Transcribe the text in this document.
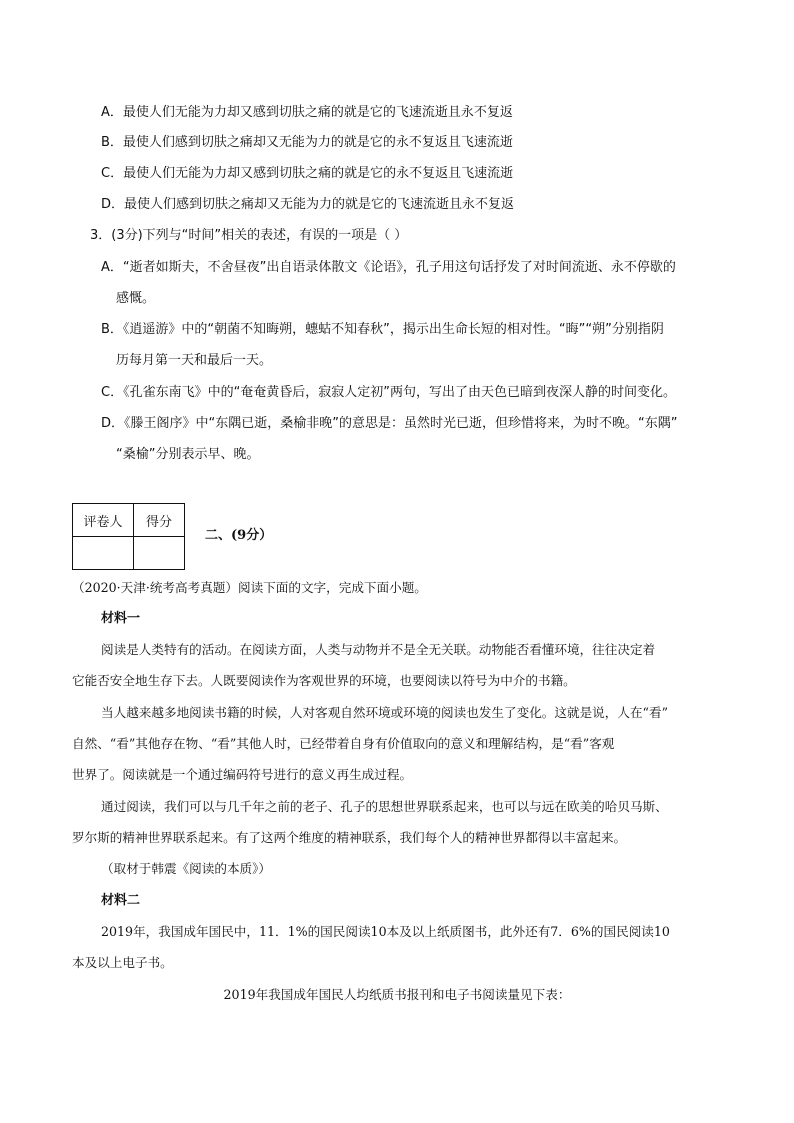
A．最使人们无能为力却又感到切肤之痛的就是它的飞速流逝且永不复返
B．最使人们感到切肤之痛却又无能为力的就是它的永不复返且飞速流逝
C．最使人们无能为力却又感到切肤之痛的就是它的永不复返且飞速流逝
D．最使人们感到切肤之痛却又无能为力的就是它的飞速流逝且永不复返
3．(3分)下列与“时间”相关的表述，有误的一项是（ ）
A．“逝者如斯夫，不舍昼夜”出自语录体散文《论语》，孔子用这句话抒发了对时间流逝、永不停歇的
感慨。
B．《逍遥游》中的“朝菌不知晦朔，蟪蛄不知春秋”，揭示出生命长短的相对性。“晦”“朔”分别指阴
历每月第一天和最后一天。
C．《孔雀东南飞》中的“奄奄黄昏后，寂寂人定初”两句，写出了由天色已暗到夜深人静的时间变化。
D．《滕王阁序》中“东隅已逝，桑榆非晚”的意思是：虽然时光已逝，但珍惜将来，为时不晚。“东隅”
“桑榆”分别表示早、晚。
评卷人	得分

二、(9分）
（2020·天津·统考高考真题）阅读下面的文字，完成下面小题。
材料一
阅读是人类特有的活动。在阅读方面，人类与动物并不是全无关联。动物能否看懂环境，往往决定着
它能否安全地生存下去。人既要阅读作为客观世界的环境，也要阅读以符号为中介的书籍。
当人越来越多地阅读书籍的时候，人对客观自然环境或环境的阅读也发生了变化。这就是说，人在“看”
自然、“看”其他存在物、“看”其他人时，已经带着自身有价值取向的意义和理解结构，是“看”客观
世界了。阅读就是一个通过编码符号进行的意义再生成过程。
通过阅读，我们可以与几千年之前的老子、孔子的思想世界联系起来，也可以与远在欧美的哈贝马斯、
罗尔斯的精神世界联系起来。有了这两个维度的精神联系，我们每个人的精神世界都得以丰富起来。
（取材于韩震《阅读的本质》）
材料二
2019年，我国成年国民中，11．1%的国民阅读10本及以上纸质图书，此外还有7．6%的国民阅读10
本及以上电子书。
2019年我国成年国民人均纸质书报刊和电子书阅读量见下表：
